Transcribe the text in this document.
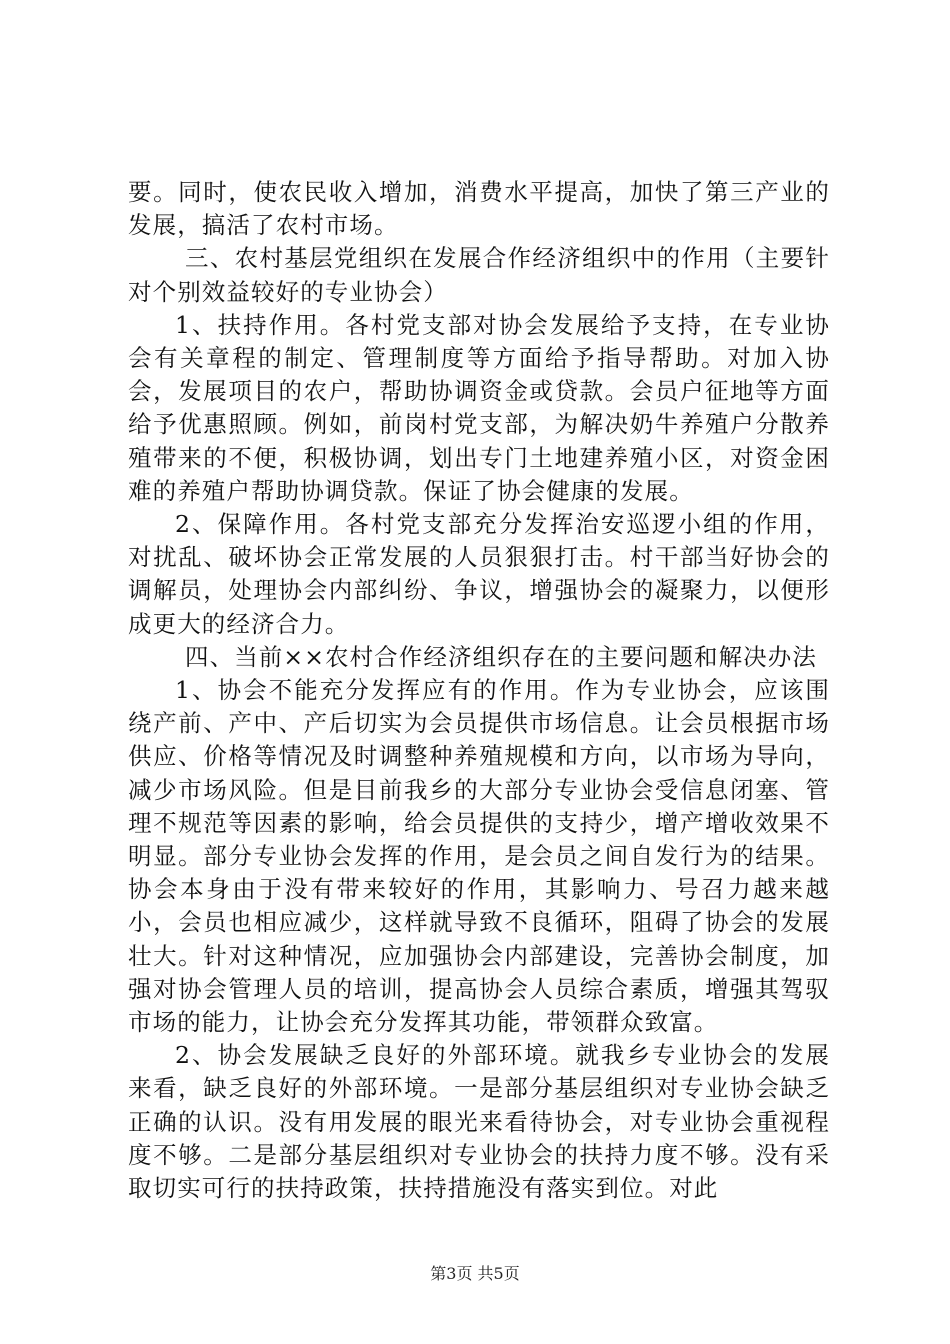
要。同时，使农民收入增加，消费水平提高，加快了第三产业的发展，搞活了农村市场。

三、农村基层党组织在发展合作经济组织中的作用（主要针对个别效益较好的专业协会）

1、扶持作用。各村党支部对协会发展给予支持，在专业协会有关章程的制定、管理制度等方面给予指导帮助。对加入协会，发展项目的农户，帮助协调资金或贷款。会员户征地等方面给予优惠照顾。例如，前岗村党支部，为解决奶牛养殖户分散养殖带来的不便，积极协调，划出专门土地建养殖小区，对资金困难的养殖户帮助协调贷款。保证了协会健康的发展。

2、保障作用。各村党支部充分发挥治安巡逻小组的作用，对扰乱、破坏协会正常发展的人员狠狠打击。村干部当好协会的调解员，处理协会内部纠纷、争议，增强协会的凝聚力，以便形成更大的经济合力。

四、当前××农村合作经济组织存在的主要问题和解决办法

1、协会不能充分发挥应有的作用。作为专业协会，应该围绕产前、产中、产后切实为会员提供市场信息。让会员根据市场供应、价格等情况及时调整种养殖规模和方向，以市场为导向，减少市场风险。但是目前我乡的大部分专业协会受信息闭塞、管理不规范等因素的影响，给会员提供的支持少，增产增收效果不明显。部分专业协会发挥的作用，是会员之间自发行为的结果。协会本身由于没有带来较好的作用，其影响力、号召力越来越小，会员也相应减少，这样就导致不良循环，阻碍了协会的发展壮大。针对这种情况，应加强协会内部建设，完善协会制度，加强对协会管理人员的培训，提高协会人员综合素质，增强其驾驭市场的能力，让协会充分发挥其功能，带领群众致富。

2、协会发展缺乏良好的外部环境。就我乡专业协会的发展来看，缺乏良好的外部环境。一是部分基层组织对专业协会缺乏正确的认识。没有用发展的眼光来看待协会，对专业协会重视程度不够。二是部分基层组织对专业协会的扶持力度不够。没有采取切实可行的扶持政策，扶持措施没有落实到位。对此

第3页 共5页
